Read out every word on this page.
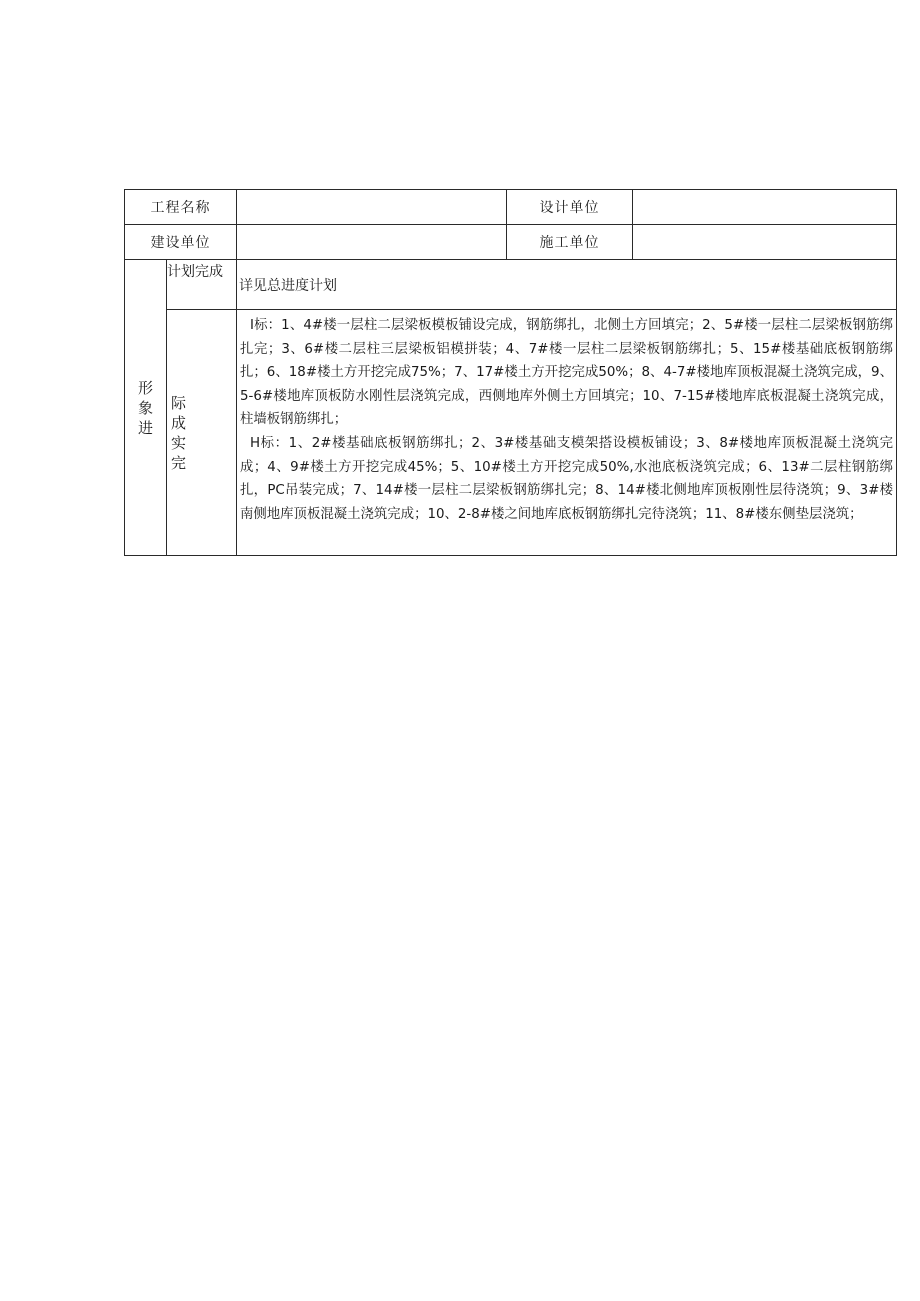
工程名称			设计单位	
建设单位			施工单位	
形象进	计划完成	详见总进度计划		
	际成实完	I标：1、4#楼一层柱二层梁板模板铺设完成，钢筋绑扎，北侧土方回填完；2、5#楼一层柱二层梁板钢筋绑扎完；3、6#楼二层柱三层梁板铝模拼装；4、7#楼一层柱二层梁板钢筋绑扎；5、15#楼基础底板钢筋绑扎；6、18#楼土方开挖完成75%；7、17#楼土方开挖完成50%；8、4-7#楼地库顶板混凝土浇筑完成，9、5-6#楼地库顶板防水刚性层浇筑完成，西侧地库外侧土方回填完；10、7-15#楼地库底板混凝土浇筑完成，柱墙板钢筋绑扎；

H标：1、2#楼基础底板钢筋绑扎；2、3#楼基础支模架搭设模板铺设；3、8#楼地库顶板混凝土浇筑完成；4、9#楼土方开挖完成45%；5、10#楼土方开挖完成50%,水池底板浇筑完成；6、13#二层柱钢筋绑扎，PC吊装完成；7、14#楼一层柱二层梁板钢筋绑扎完；8、14#楼北侧地库顶板刚性层待浇筑；9、3#楼南侧地库顶板混凝土浇筑完成；10、2-8#楼之间地库底板钢筋绑扎完待浇筑；11、8#楼东侧垫层浇筑；		
